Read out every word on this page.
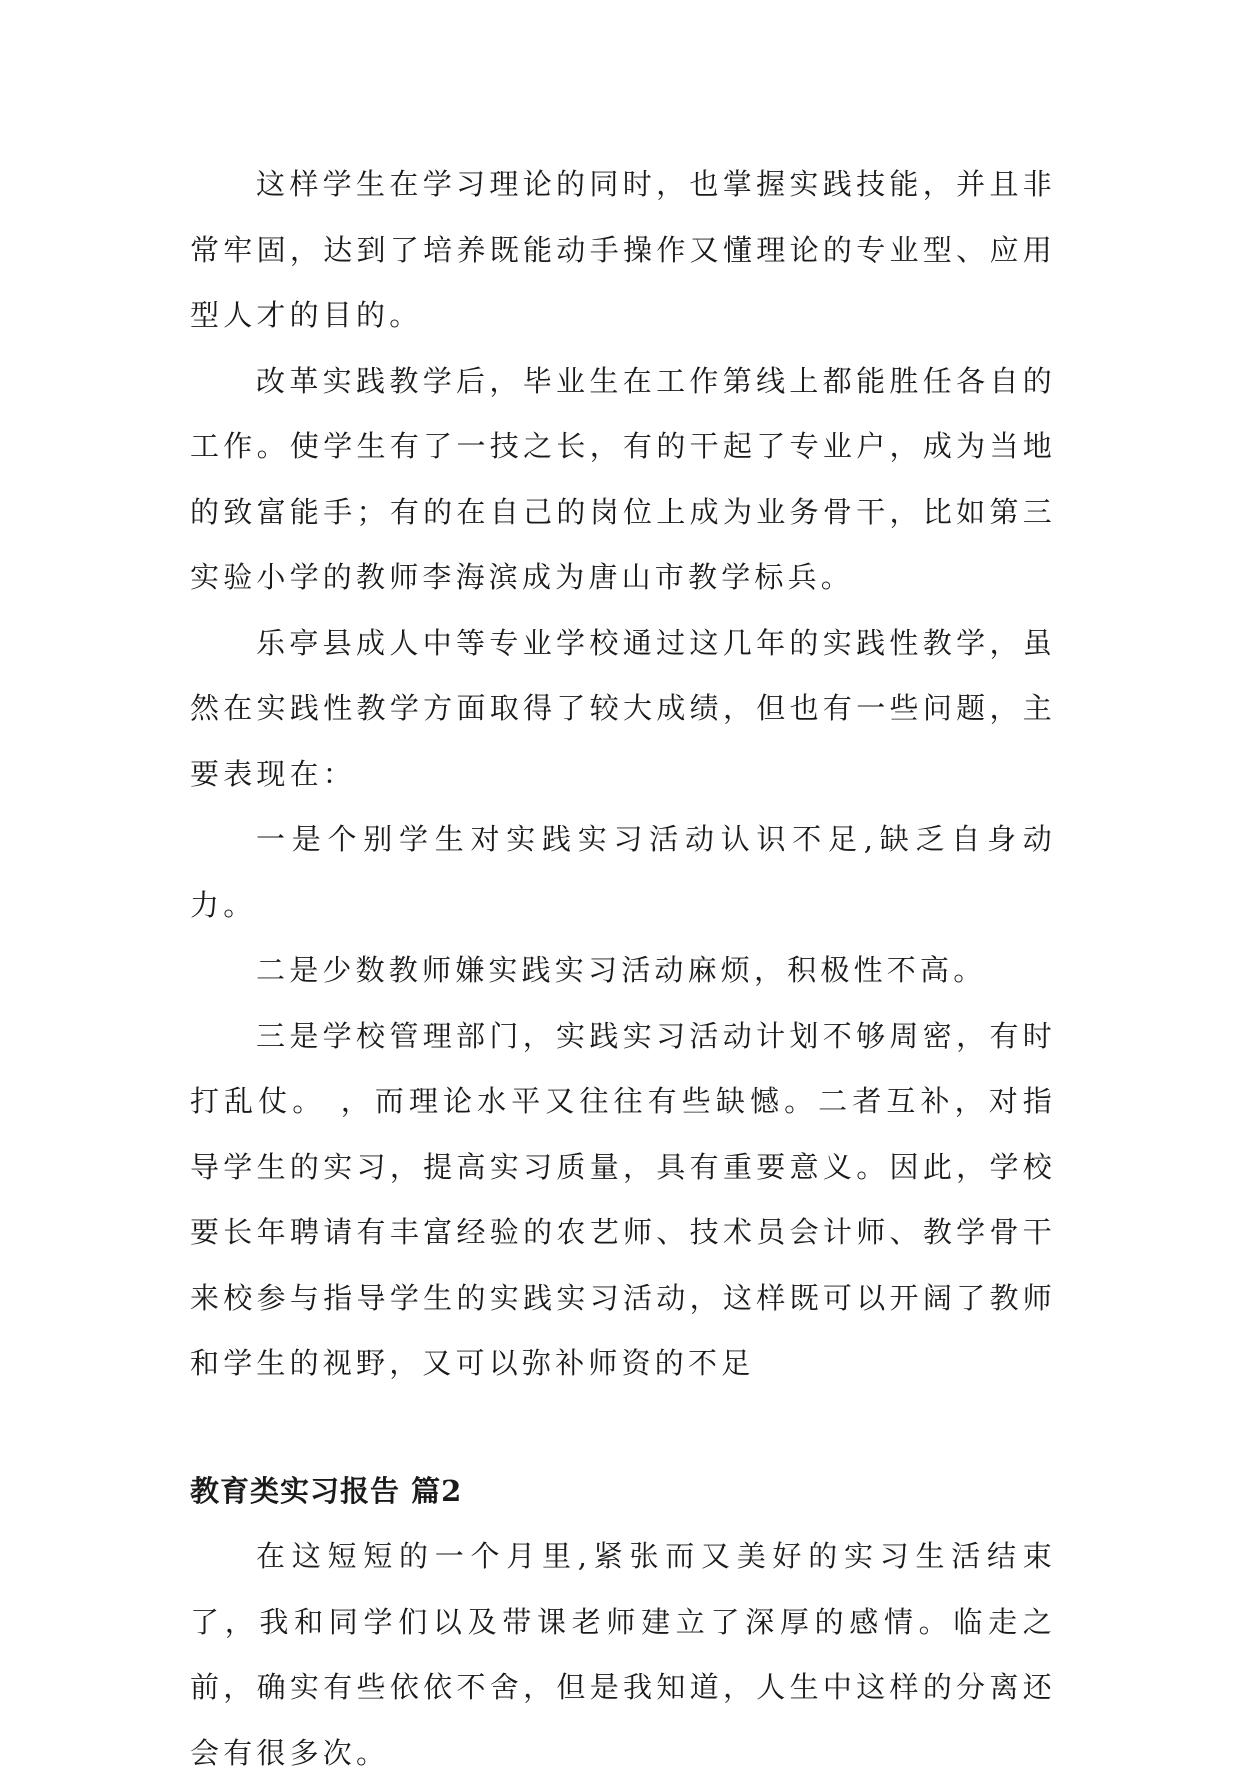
这样学生在学习理论的同时，也掌握实践技能，并且非常牢固，达到了培养既能动手操作又懂理论的专业型、应用型人才的目的。

改革实践教学后，毕业生在工作第线上都能胜任各自的工作。使学生有了一技之长，有的干起了专业户，成为当地的致富能手；有的在自己的岗位上成为业务骨干，比如第三实验小学的教师李海滨成为唐山市教学标兵。

乐亭县成人中等专业学校通过这几年的实践性教学，虽然在实践性教学方面取得了较大成绩，但也有一些问题，主要表现在：

一是个别学生对实践实习活动认识不足,缺乏自身动力。

二是少数教师嫌实践实习活动麻烦，积极性不高。

三是学校管理部门，实践实习活动计划不够周密，有时打乱仗。 ，而理论水平又往往有些缺憾。二者互补，对指导学生的实习，提高实习质量，具有重要意义。因此，学校要长年聘请有丰富经验的农艺师、技术员会计师、教学骨干来校参与指导学生的实践实习活动，这样既可以开阔了教师和学生的视野，又可以弥补师资的不足

教育类实习报告 篇2

在这短短的一个月里,紧张而又美好的实习生活结束了，我和同学们以及带课老师建立了深厚的感情。临走之前，确实有些依依不舍，但是我知道，人生中这样的分离还会有很多次。
